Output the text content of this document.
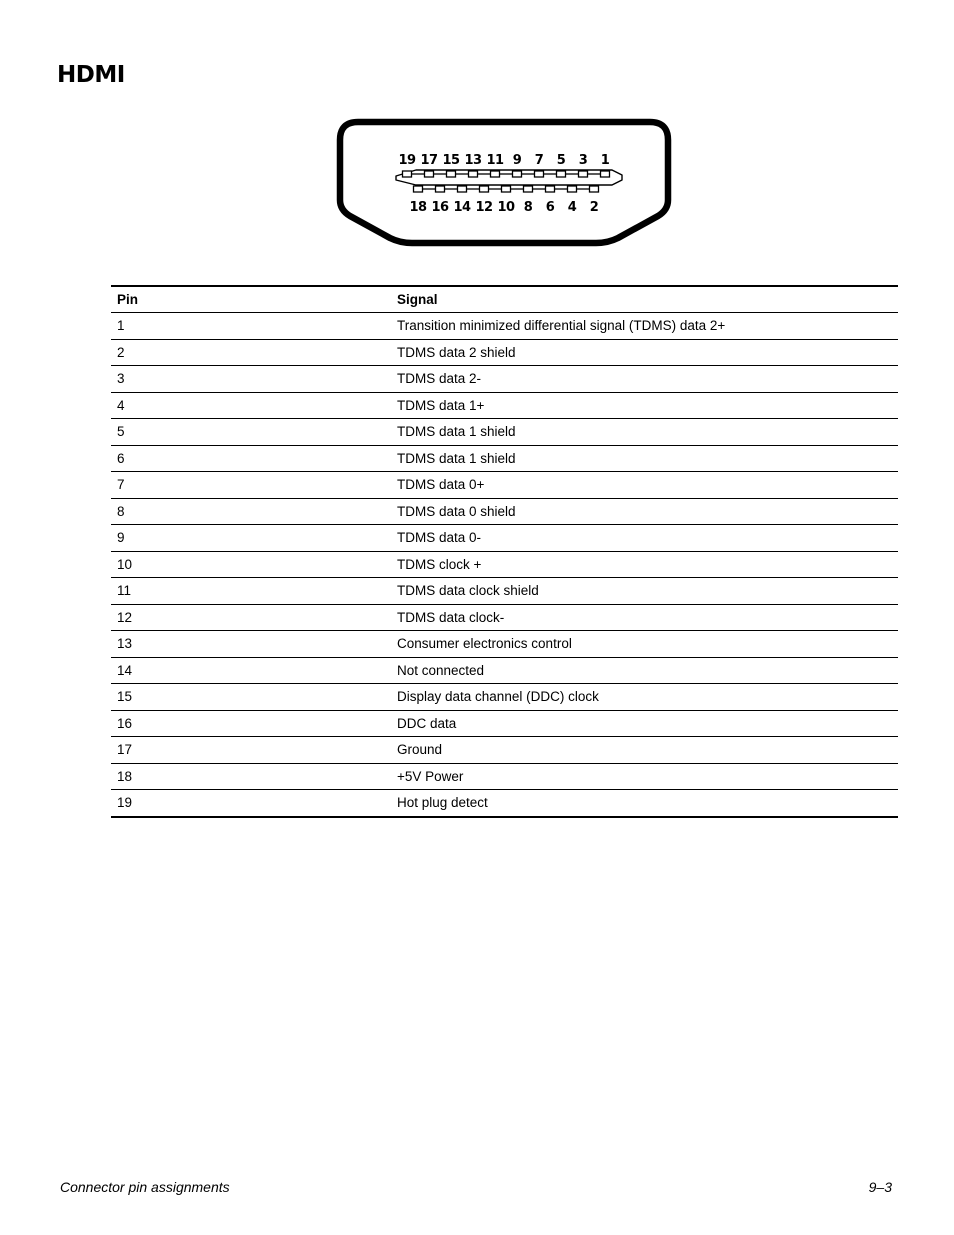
HDMI
19 17 15 13 11 9 7 5 3 1
18 16 14 12 10 8 6 4 2
Pin	Signal
1	Transition minimized differential signal (TDMS) data 2+
2	TDMS data 2 shield
3	TDMS data 2-
4	TDMS data 1+
5	TDMS data 1 shield
6	TDMS data 1 shield
7	TDMS data 0+
8	TDMS data 0 shield
9	TDMS data 0-
10	TDMS clock +
11	TDMS data clock shield
12	TDMS data clock-
13	Consumer electronics control
14	Not connected
15	Display data channel (DDC) clock
16	DDC data
17	Ground
18	+5V Power
19	Hot plug detect
Connector pin assignments	9–3
